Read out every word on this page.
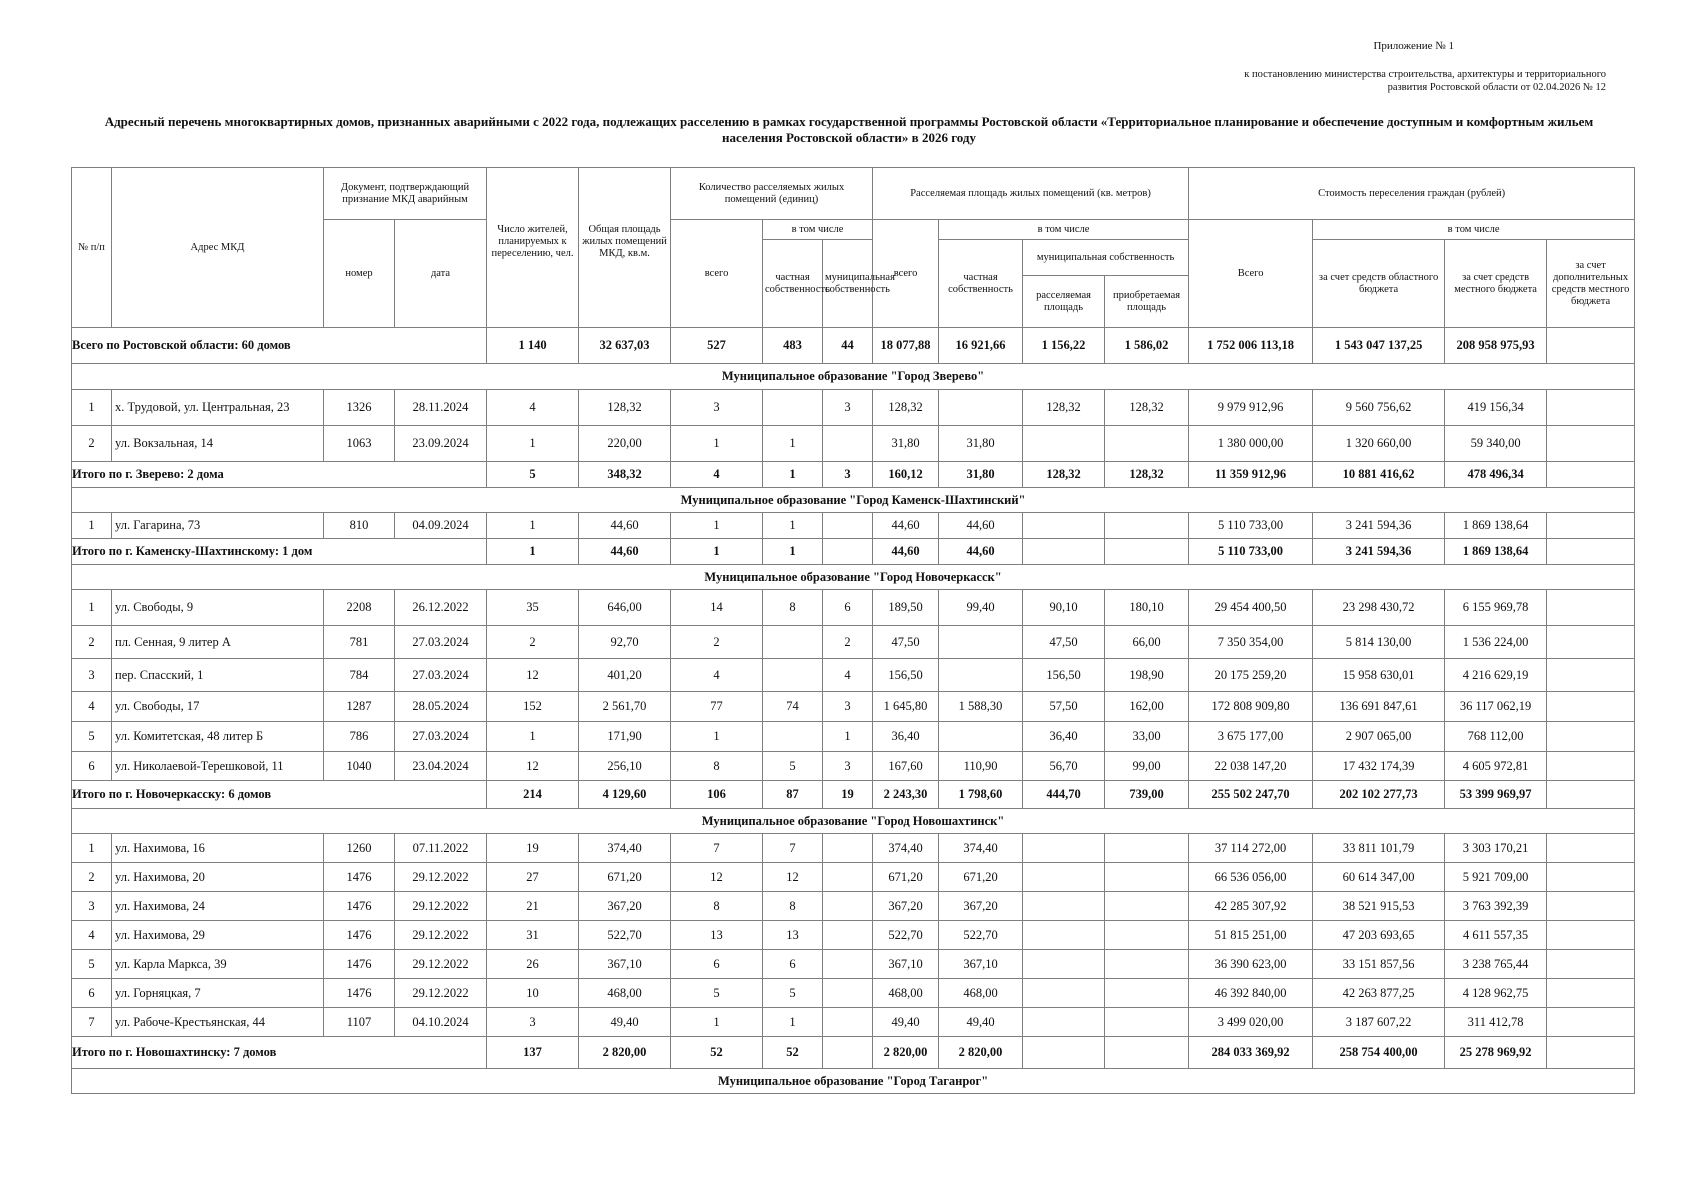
Приложение № 1
к постановлению министерства строительства, архитектуры и территориального
развития Ростовской области от 02.04.2026 № 12
Адресный перечень многоквартирных домов, признанных аварийными с 2022 года, подлежащих расселению в рамках государственной программы Ростовской области «Территориальное планирование и обеспечение доступным и комфортным жильем населения Ростовской области» в 2026 году
№ п/п	Адрес МКД	Документ, подтверждающий признание МКД аварийным		Число жителей, планируемых к переселению, чел.	Общая площадь жилых помещений МКД, кв.м.	Количество расселяемых жилых помещений (единиц)			Расселяемая площадь жилых помещений (кв. метров)				Стоимость переселения граждан (рублей)			
		номер	дата			всего	в том числе		всего	в том числе			Всего	в том числе		
							частная собственность	муниципальная собственность		частная собственность	муниципальная собственность			за счет средств областного бюджета	за счет средств местного бюджета	за счет дополнительных средств местного бюджета
											расселяемая площадь	приобретаемая площадь				
Всего по Ростовской области: 60 домов				1 140	32 637,03	527	483	44	18 077,88	16 921,66	1 156,22	1 586,02	1 752 006 113,18	1 543 047 137,25	208 958 975,93	
Муниципальное образование "Город Зверево"																
1	х. Трудовой, ул. Центральная, 23	1326	28.11.2024	4	128,32	3		3	128,32		128,32	128,32	9 979 912,96	9 560 756,62	419 156,34	
2	ул. Вокзальная, 14	1063	23.09.2024	1	220,00	1	1		31,80	31,80			1 380 000,00	1 320 660,00	59 340,00	
Итого по г. Зверево: 2 дома				5	348,32	4	1	3	160,12	31,80	128,32	128,32	11 359 912,96	10 881 416,62	478 496,34	
Муниципальное образование "Город Каменск-Шахтинский"																
1	ул. Гагарина, 73	810	04.09.2024	1	44,60	1	1		44,60	44,60			5 110 733,00	3 241 594,36	1 869 138,64	
Итого по г. Каменску-Шахтинскому: 1 дом				1	44,60	1	1		44,60	44,60			5 110 733,00	3 241 594,36	1 869 138,64	
Муниципальное образование "Город Новочеркасск"																
1	ул. Свободы, 9	2208	26.12.2022	35	646,00	14	8	6	189,50	99,40	90,10	180,10	29 454 400,50	23 298 430,72	6 155 969,78	
2	пл. Сенная, 9 литер А	781	27.03.2024	2	92,70	2		2	47,50		47,50	66,00	7 350 354,00	5 814 130,00	1 536 224,00	
3	пер. Спасский, 1	784	27.03.2024	12	401,20	4		4	156,50		156,50	198,90	20 175 259,20	15 958 630,01	4 216 629,19	
4	ул. Свободы, 17	1287	28.05.2024	152	2 561,70	77	74	3	1 645,80	1 588,30	57,50	162,00	172 808 909,80	136 691 847,61	36 117 062,19	
5	ул. Комитетская, 48 литер Б	786	27.03.2024	1	171,90	1		1	36,40		36,40	33,00	3 675 177,00	2 907 065,00	768 112,00	
6	ул. Николаевой-Терешковой, 11	1040	23.04.2024	12	256,10	8	5	3	167,60	110,90	56,70	99,00	22 038 147,20	17 432 174,39	4 605 972,81	
Итого по г. Новочеркасску: 6 домов				214	4 129,60	106	87	19	2 243,30	1 798,60	444,70	739,00	255 502 247,70	202 102 277,73	53 399 969,97	
Муниципальное образование "Город Новошахтинск"																
1	ул. Нахимова, 16	1260	07.11.2022	19	374,40	7	7		374,40	374,40			37 114 272,00	33 811 101,79	3 303 170,21	
2	ул. Нахимова, 20	1476	29.12.2022	27	671,20	12	12		671,20	671,20			66 536 056,00	60 614 347,00	5 921 709,00	
3	ул. Нахимова, 24	1476	29.12.2022	21	367,20	8	8		367,20	367,20			42 285 307,92	38 521 915,53	3 763 392,39	
4	ул. Нахимова, 29	1476	29.12.2022	31	522,70	13	13		522,70	522,70			51 815 251,00	47 203 693,65	4 611 557,35	
5	ул. Карла Маркса, 39	1476	29.12.2022	26	367,10	6	6		367,10	367,10			36 390 623,00	33 151 857,56	3 238 765,44	
6	ул. Горняцкая, 7	1476	29.12.2022	10	468,00	5	5		468,00	468,00			46 392 840,00	42 263 877,25	4 128 962,75	
7	ул. Рабоче-Крестьянская, 44	1107	04.10.2024	3	49,40	1	1		49,40	49,40			3 499 020,00	3 187 607,22	311 412,78	
Итого по г. Новошахтинску: 7 домов				137	2 820,00	52	52		2 820,00	2 820,00			284 033 369,92	258 754 400,00	25 278 969,92	
Муниципальное образование "Город Таганрог"																
